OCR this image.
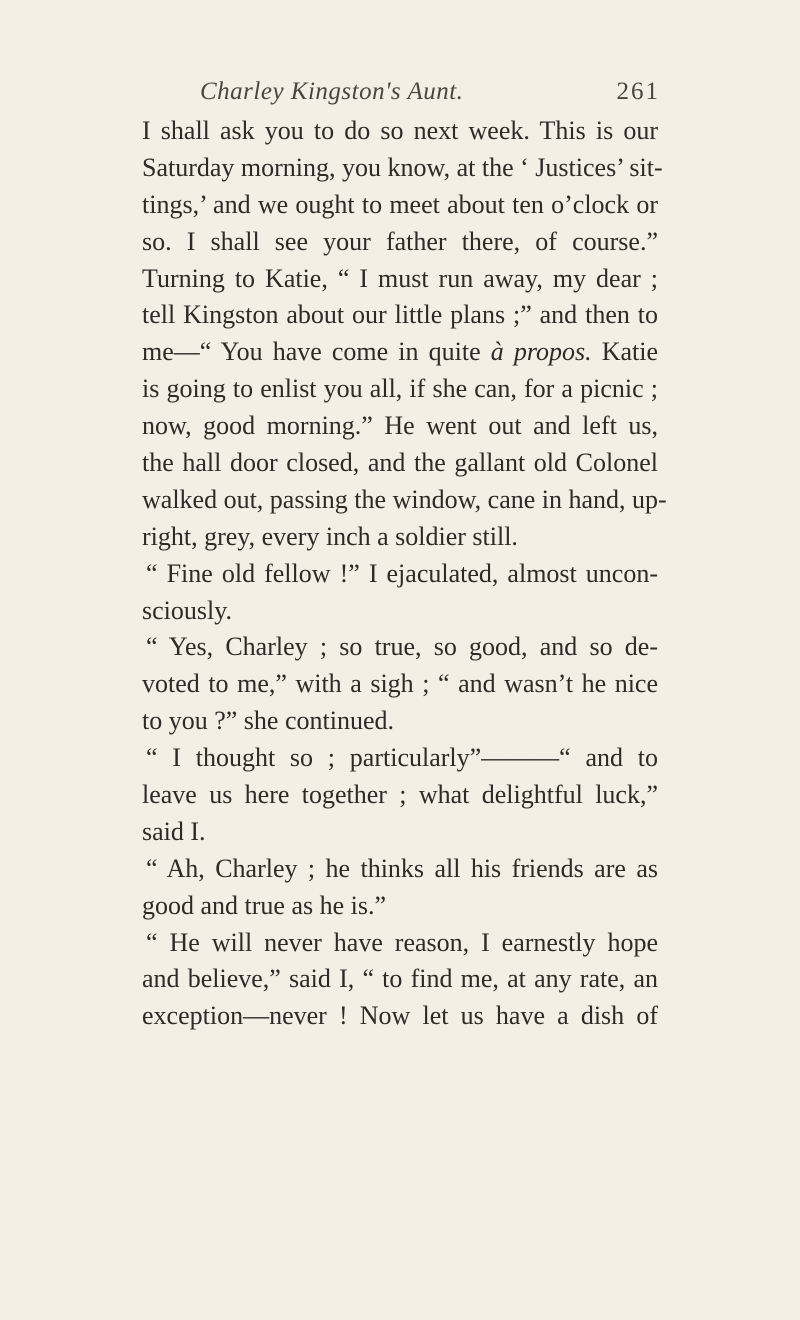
Charley Kingston's Aunt.	261
I shall ask you to do so next week. This is our
Saturday morning, you know, at the ‘ Justices’ sit-
tings,’ and we ought to meet about ten o’clock or
so. I shall see your father there, of course.”
Turning to Katie, “ I must run away, my dear ;
tell Kingston about our little plans ;” and then to
me—“ You have come in quite à propos. Katie
is going to enlist you all, if she can, for a picnic ;
now, good morning.” He went out and left us,
the hall door closed, and the gallant old Colonel
walked out, passing the window, cane in hand, up-
right, grey, every inch a soldier still.
“ Fine old fellow !” I ejaculated, almost uncon-
sciously.
“ Yes, Charley ; so true, so good, and so de-
voted to me,” with a sigh ; “ and wasn’t he nice
to you ?” she continued.
“ I thought so ; particularly”———“ and to
leave us here together ; what delightful luck,”
said I.
“ Ah, Charley ; he thinks all his friends are as
good and true as he is.”
“ He will never have reason, I earnestly hope
and believe,” said I, “ to find me, at any rate, an
exception—never ! Now let us have a dish of
